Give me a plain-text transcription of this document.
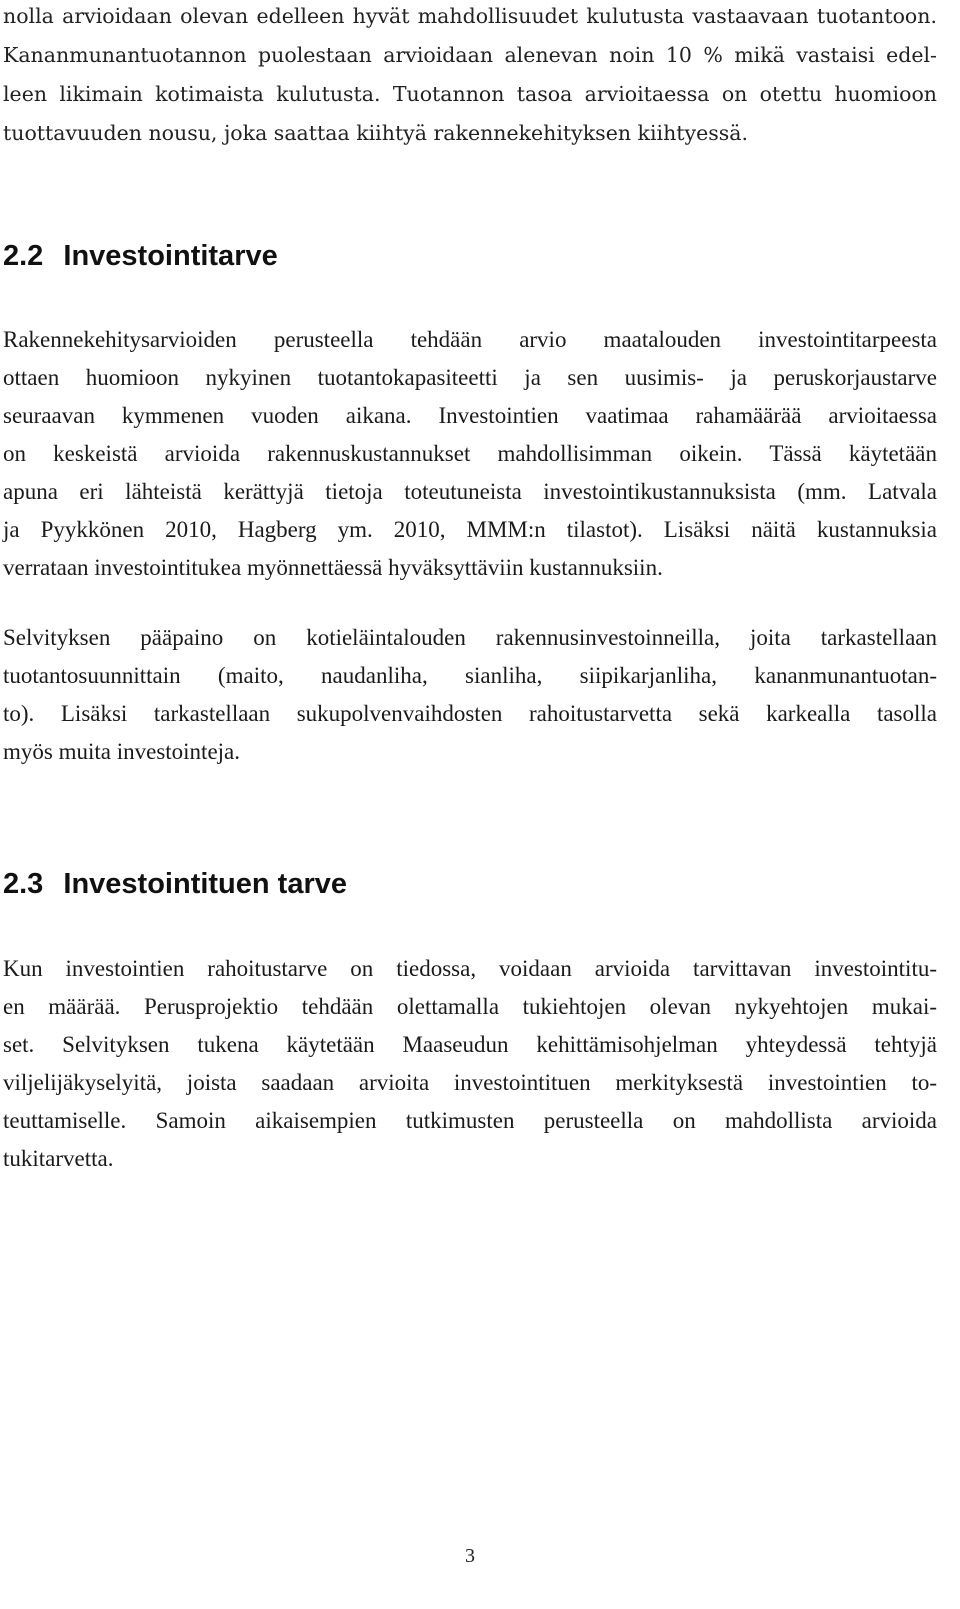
nolla arvioidaan olevan edelleen hyvät mahdollisuudet kulutusta vastaavaan tuotantoon.
Kananmunantuotannon puolestaan arvioidaan alenevan noin 10 % mikä vastaisi edel-
leen likimain kotimaista kulutusta. Tuotannon tasoa arvioitaessa on otettu huomioon
tuottavuuden nousu, joka saattaa kiihtyä rakennekehityksen kiihtyessä.
2.2 Investointitarve
Rakennekehitysarvioiden perusteella tehdään arvio maatalouden investointitarpeesta
ottaen huomioon nykyinen tuotantokapasiteetti ja sen uusimis- ja peruskorjaustarve
seuraavan kymmenen vuoden aikana. Investointien vaatimaa rahamäärää arvioitaessa
on keskeistä arvioida rakennuskustannukset mahdollisimman oikein. Tässä käytetään
apuna eri lähteistä kerättyjä tietoja toteutuneista investointikustannuksista (mm. Latvala
ja Pyykkönen 2010, Hagberg ym. 2010, MMM:n tilastot). Lisäksi näitä kustannuksia
verrataan investointitukea myönnettäessä hyväksyttäviin kustannuksiin.
Selvityksen pääpaino on kotieläintalouden rakennusinvestoinneilla, joita tarkastellaan
tuotantosuunnittain (maito, naudanliha, sianliha, siipikarjanliha, kananmunantuotan-
to). Lisäksi tarkastellaan sukupolvenvaihdosten rahoitustarvetta sekä karkealla tasolla
myös muita investointeja.
2.3 Investointituen tarve
Kun investointien rahoitustarve on tiedossa, voidaan arvioida tarvittavan investointitu-
en määrää. Perusprojektio tehdään olettamalla tukiehtojen olevan nykyehtojen mukai-
set. Selvityksen tukena käytetään Maaseudun kehittämisohjelman yhteydessä tehtyjä
viljelijäkyselyitä, joista saadaan arvioita investointituen merkityksestä investointien to-
teuttamiselle. Samoin aikaisempien tutkimusten perusteella on mahdollista arvioida
tukitarvetta.
3
